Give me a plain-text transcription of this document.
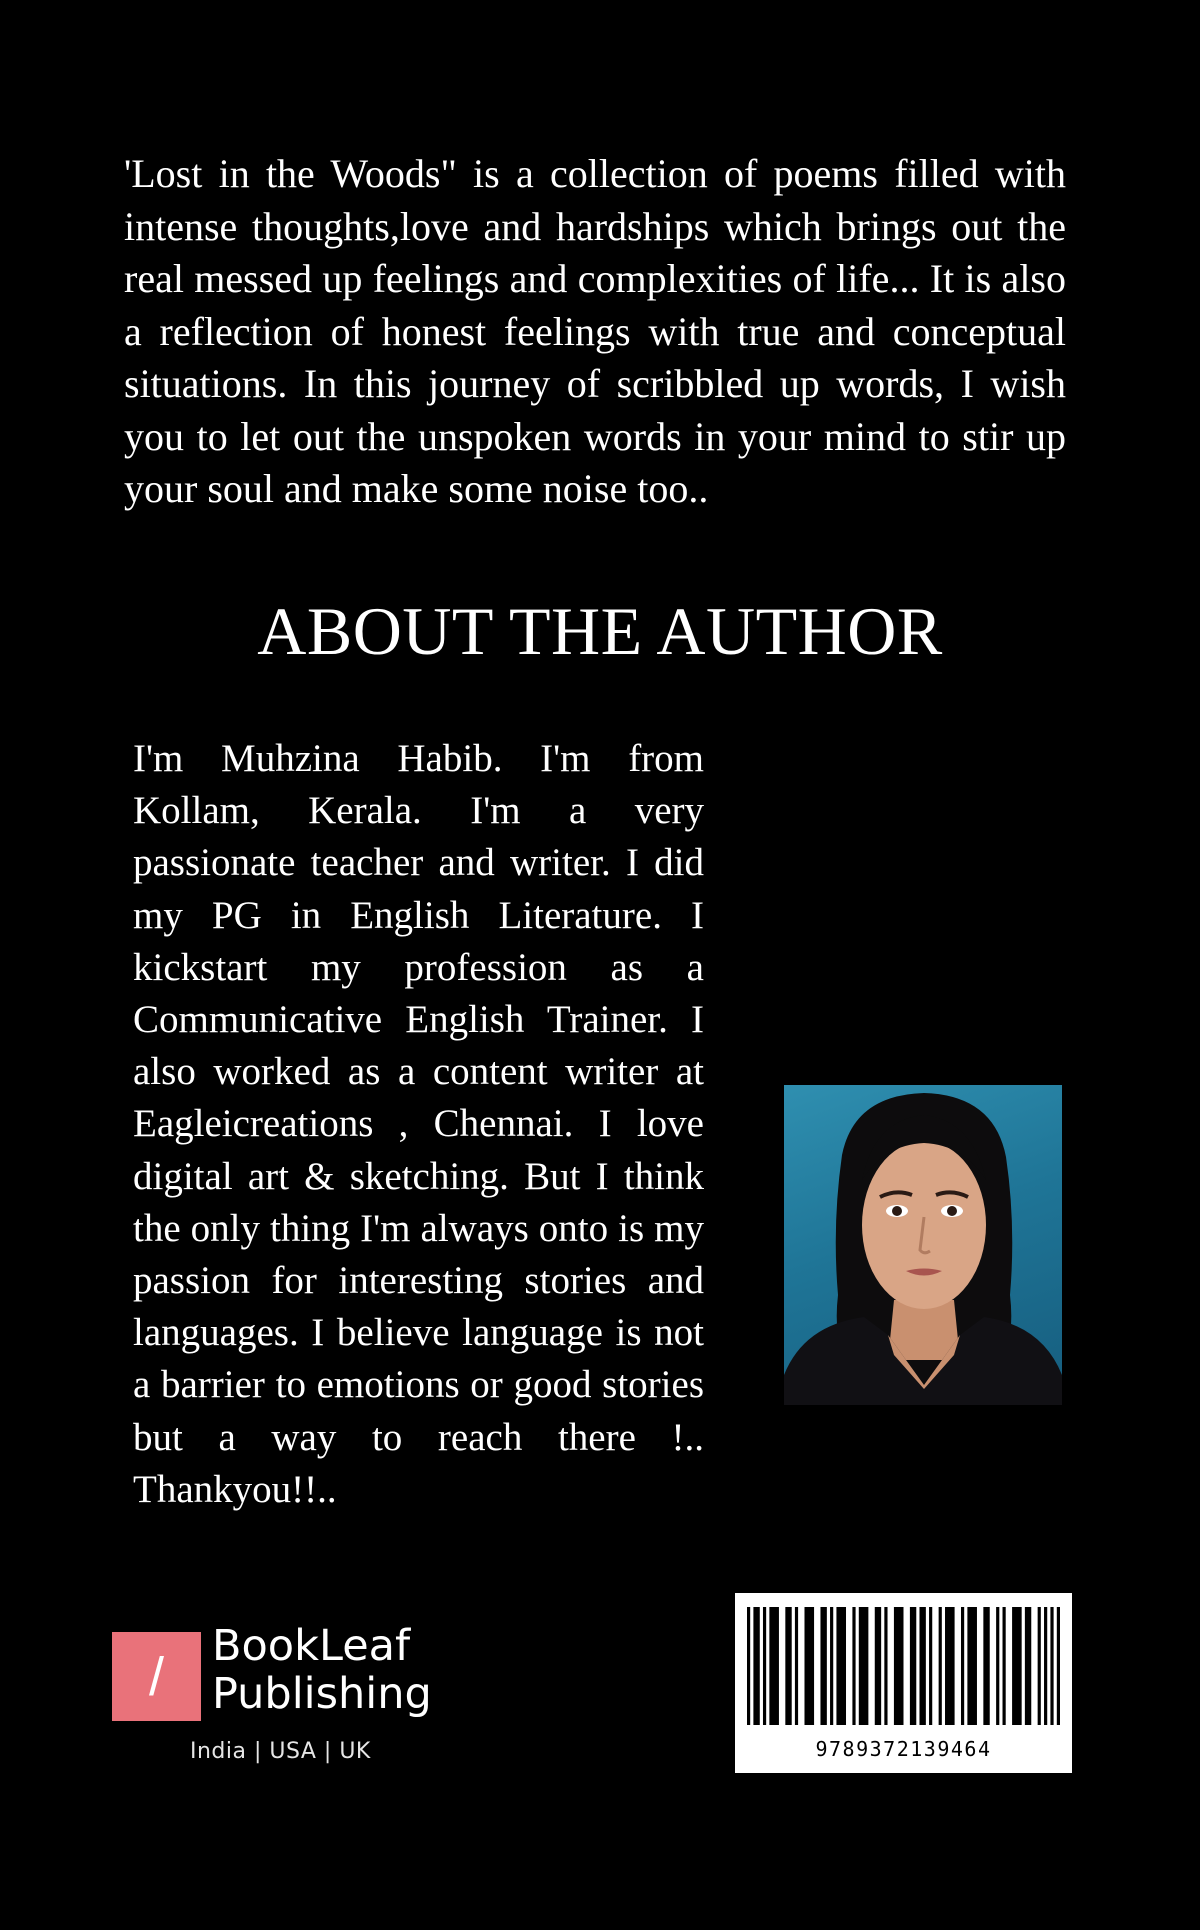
'Lost in the Woods" is a collection of poems filled with intense thoughts,love and hardships which brings out the real messed up feelings and complexities of life... It is also a reflection of honest feelings with true and conceptual situations. In this journey of scribbled up words, I wish you to let out the unspoken words in your mind to stir up your soul and make some noise too..

ABOUT THE AUTHOR

I'm Muhzina Habib. I'm from Kollam, Kerala. I'm a very passionate teacher and writer. I did my PG in English Literature. I kickstart my profession as a Communicative English Trainer. I also worked as a content writer at Eagleicreations , Chennai. I love digital art & sketching. But I think the only thing I'm always onto is my passion for interesting stories and languages. I believe language is not a barrier to emotions or good stories but a way to reach there !.. Thankyou!!..

/
BookLeaf
Publishing
India | USA | UK	9789372139464
